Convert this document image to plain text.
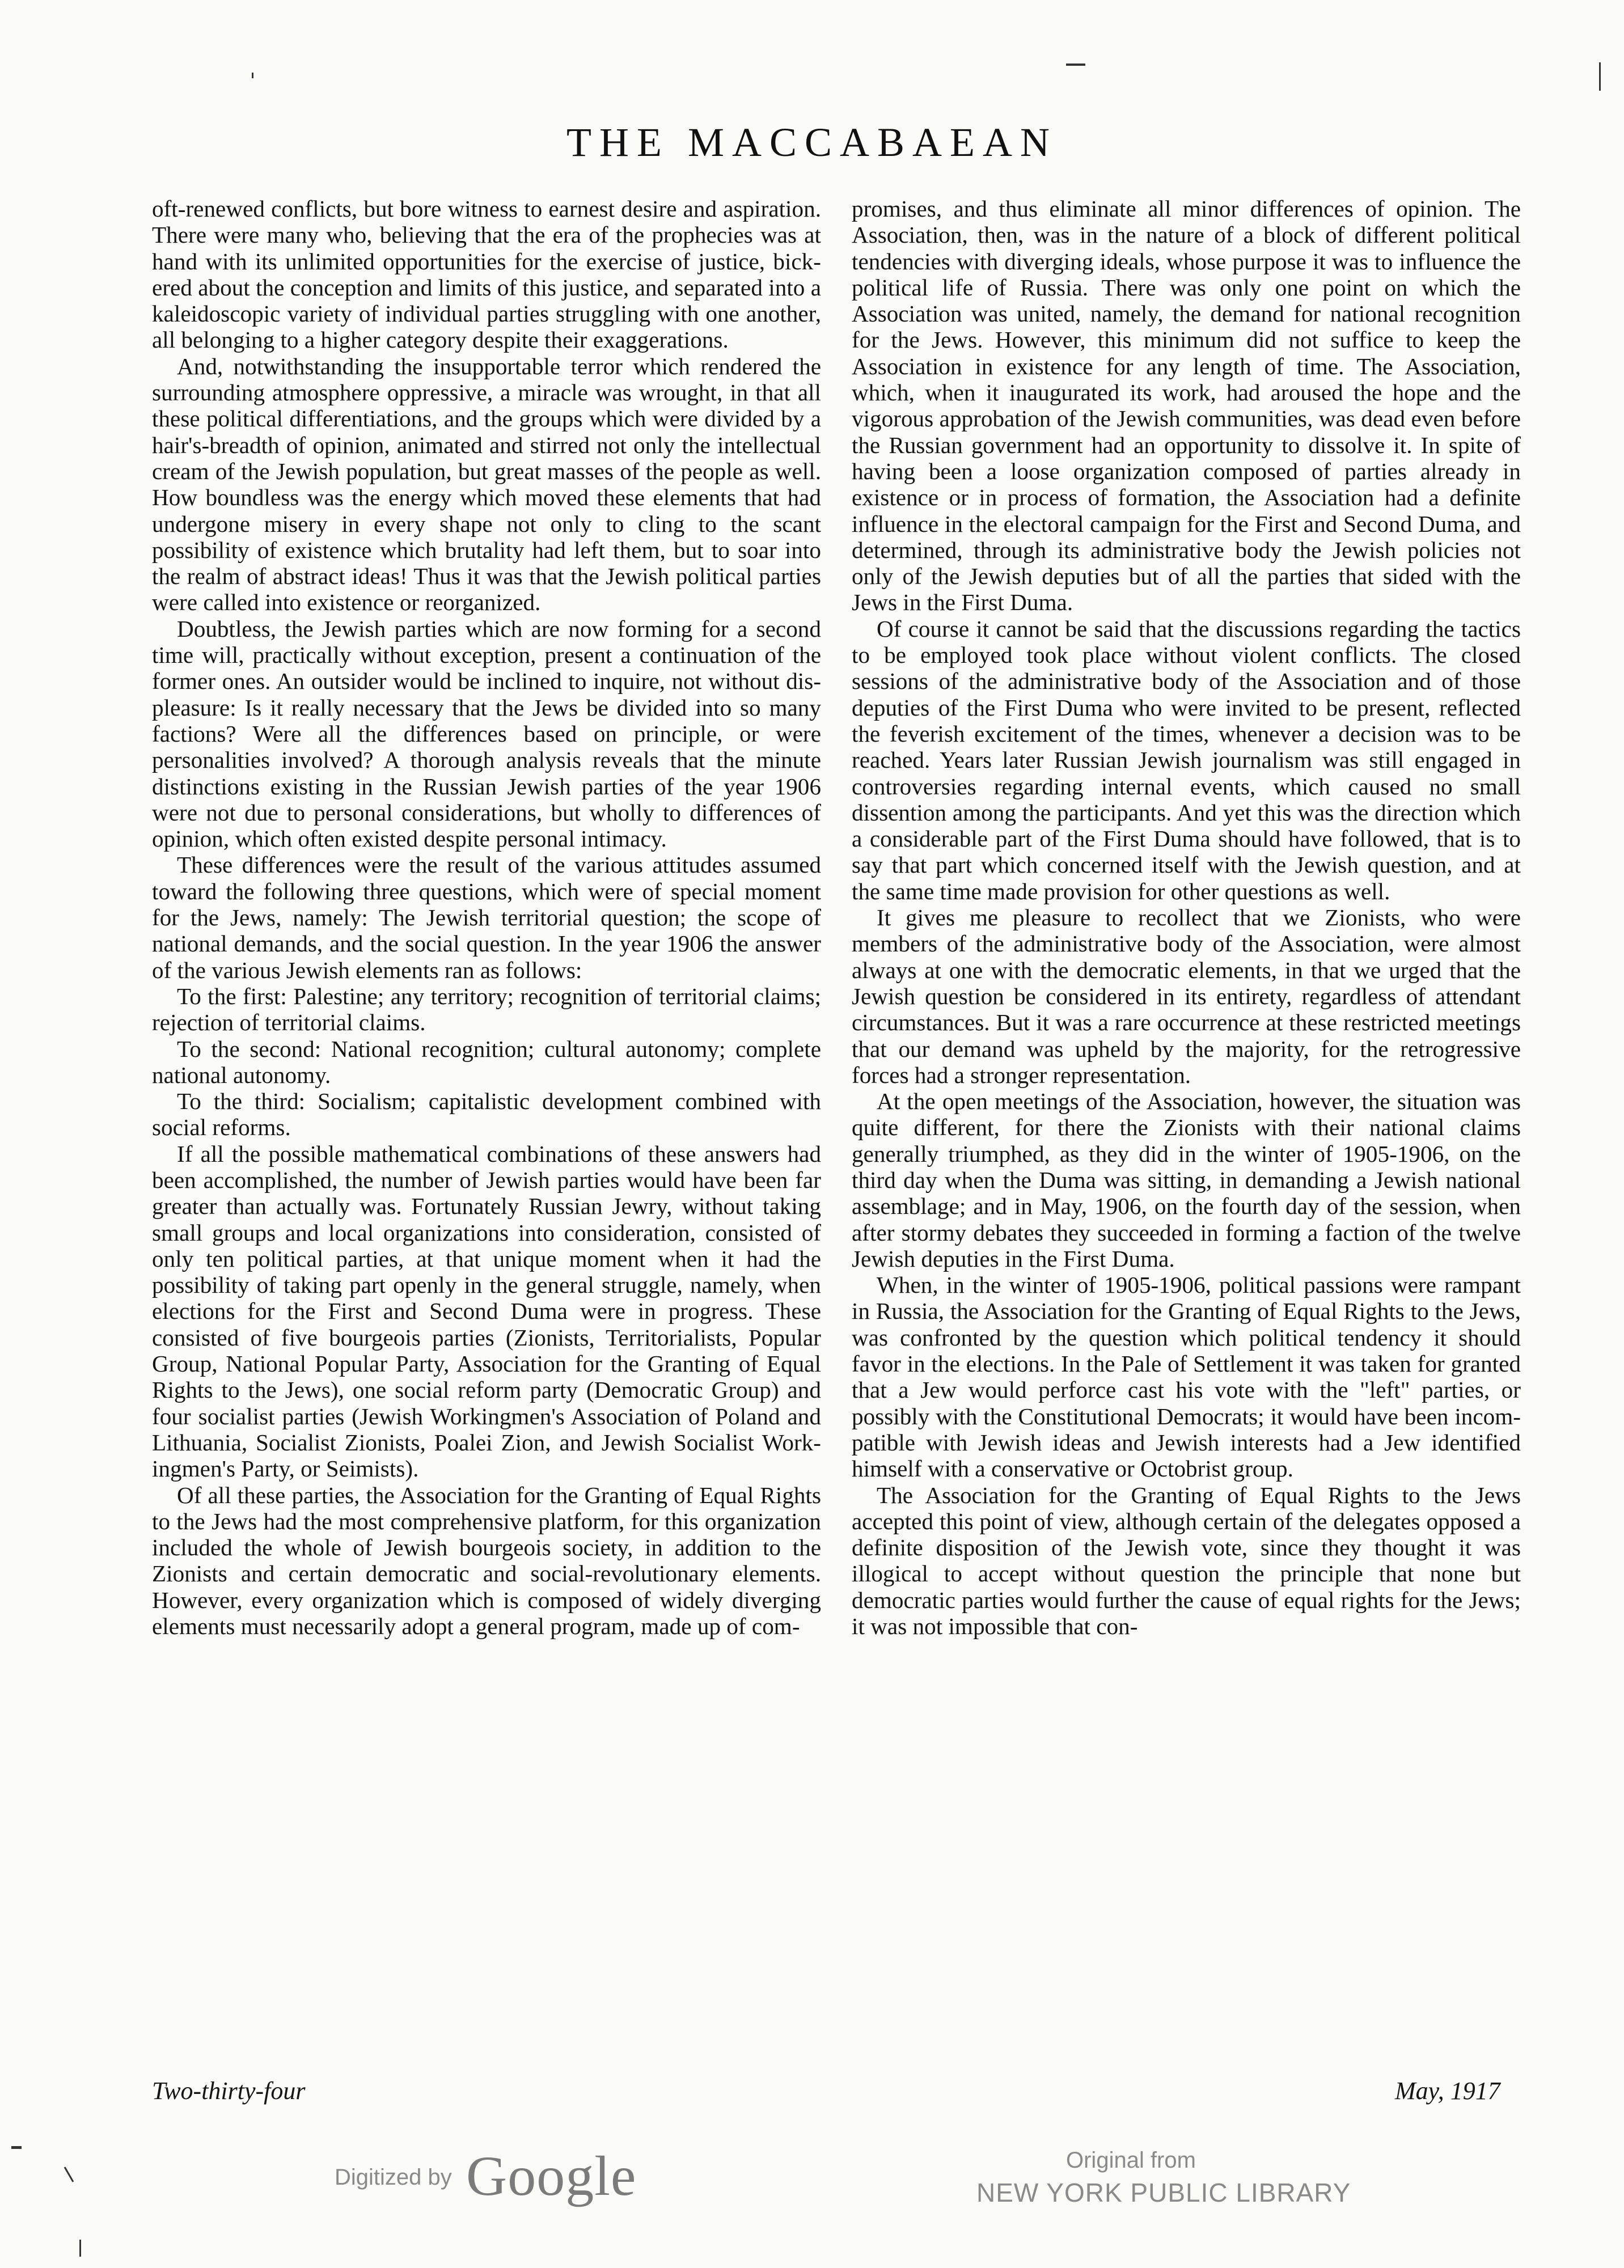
THE MACCABAEAN

oft-renewed conflicts, but bore witness to earnest desire and aspiration. There were many who, believing that the era of the prophecies was at hand with its unlimited opportunities for the exercise of justice, bickered about the conception and limits of this justice, and separated into a kaleidoscopic variety of individual parties struggling with one another, all belonging to a higher category despite their exaggerations.

And, notwithstanding the insupportable terror which rendered the surrounding atmosphere oppressive, a miracle was wrought, in that all these political differentiations, and the groups which were divided by a hair's-breadth of opinion, animated and stirred not only the intellectual cream of the Jewish population, but great masses of the people as well. How boundless was the energy which moved these elements that had undergone misery in every shape not only to cling to the scant possibility of existence which brutality had left them, but to soar into the realm of abstract ideas! Thus it was that the Jewish political parties were called into existence or reorganized.

Doubtless, the Jewish parties which are now forming for a second time will, practically without exception, present a continuation of the former ones. An outsider would be inclined to inquire, not without displeasure: Is it really necessary that the Jews be divided into so many factions? Were all the differences based on principle, or were personalities involved? A thorough analysis reveals that the minute distinctions existing in the Russian Jewish parties of the year 1906 were not due to personal considerations, but wholly to differences of opinion, which often existed despite personal intimacy.

These differences were the result of the various attitudes assumed toward the following three questions, which were of special moment for the Jews, namely: The Jewish territorial question; the scope of national demands, and the social question. In the year 1906 the answer of the various Jewish elements ran as follows:

To the first: Palestine; any territory; recognition of territorial claims; rejection of territorial claims.

To the second: National recognition; cultural autonomy; complete national autonomy.

To the third: Socialism; capitalistic development combined with social reforms.

If all the possible mathematical combinations of these answers had been accomplished, the number of Jewish parties would have been far greater than actually was. Fortunately Russian Jewry, without taking small groups and local organizations into consideration, consisted of only ten political parties, at that unique moment when it had the possibility of taking part openly in the general struggle, namely, when elections for the First and Second Duma were in progress. These consisted of five bourgeois parties (Zionists, Territorialists, Popular Group, National Popular Party, Association for the Granting of Equal Rights to the Jews), one social reform party (Democratic Group) and four socialist parties (Jewish Workingmen's Association of Poland and Lithuania, Socialist Zionists, Poalei Zion, and Jewish Socialist Workingmen's Party, or Seimists).

Of all these parties, the Association for the Granting of Equal Rights to the Jews had the most comprehensive platform, for this organization included the whole of Jewish bourgeois society, in addition to the Zionists and certain democratic and social-revolutionary elements. However, every organization which is composed of widely diverging elements must necessarily adopt a general program, made up of com-

promises, and thus eliminate all minor differences of opinion. The Association, then, was in the nature of a block of different political tendencies with diverging ideals, whose purpose it was to influence the political life of Russia. There was only one point on which the Association was united, namely, the demand for national recognition for the Jews. However, this minimum did not suffice to keep the Association in existence for any length of time. The Association, which, when it inaugurated its work, had aroused the hope and the vigorous approbation of the Jewish communities, was dead even before the Russian government had an opportunity to dissolve it. In spite of having been a loose organization composed of parties already in existence or in process of formation, the Association had a definite influence in the electoral campaign for the First and Second Duma, and determined, through its administrative body the Jewish policies not only of the Jewish deputies but of all the parties that sided with the Jews in the First Duma.

Of course it cannot be said that the discussions regarding the tactics to be employed took place without violent conflicts. The closed sessions of the administrative body of the Association and of those deputies of the First Duma who were invited to be present, reflected the feverish excitement of the times, whenever a decision was to be reached. Years later Russian Jewish journalism was still engaged in controversies regarding internal events, which caused no small dissention among the participants. And yet this was the direction which a considerable part of the First Duma should have followed, that is to say that part which concerned itself with the Jewish question, and at the same time made provision for other questions as well.

It gives me pleasure to recollect that we Zionists, who were members of the administrative body of the Association, were almost always at one with the democratic elements, in that we urged that the Jewish question be considered in its entirety, regardless of attendant circumstances. But it was a rare occurrence at these restricted meetings that our demand was upheld by the majority, for the retrogressive forces had a stronger representation.

At the open meetings of the Association, however, the situation was quite different, for there the Zionists with their national claims generally triumphed, as they did in the winter of 1905-1906, on the third day when the Duma was sitting, in demanding a Jewish national assemblage; and in May, 1906, on the fourth day of the session, when after stormy debates they succeeded in forming a faction of the twelve Jewish deputies in the First Duma.

When, in the winter of 1905-1906, political passions were rampant in Russia, the Association for the Granting of Equal Rights to the Jews, was confronted by the question which political tendency it should favor in the elections. In the Pale of Settlement it was taken for granted that a Jew would perforce cast his vote with the "left" parties, or possibly with the Constitutional Democrats; it would have been incompatible with Jewish ideas and Jewish interests had a Jew identified himself with a conservative or Octobrist group.

The Association for the Granting of Equal Rights to the Jews accepted this point of view, although certain of the delegates opposed a definite disposition of the Jewish vote, since they thought it was illogical to accept without question the principle that none but democratic parties would further the cause of equal rights for the Jews; it was not impossible that con-

Two-thirty-four	May, 1917
Digitized by Google	Original from
NEW YORK PUBLIC LIBRARY
